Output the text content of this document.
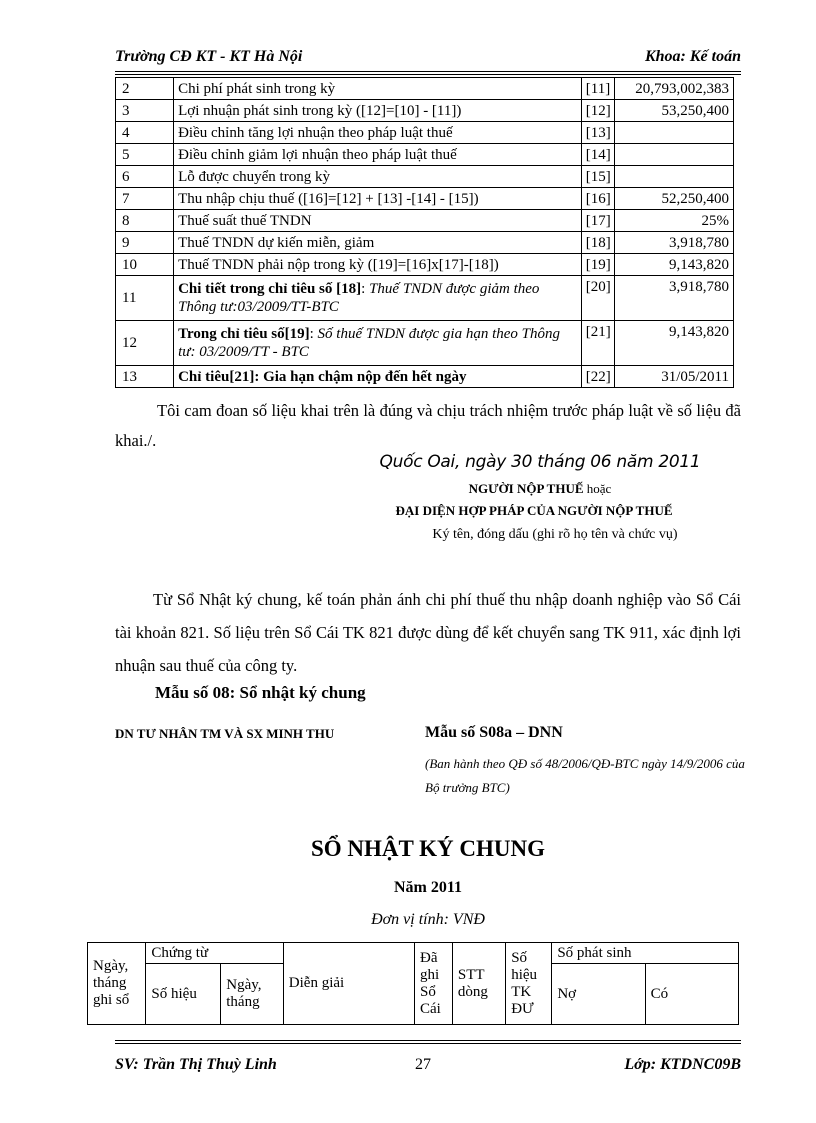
Trường CĐ KT - KT Hà Nội	Khoa: Kế toán
2	Chi phí phát sinh trong kỳ	[11]	20,793,002,383
3	Lợi nhuận phát sinh trong kỳ ([12]=[10] - [11])	[12]	53,250,400
4	Điều chỉnh tăng lợi nhuận theo pháp luật thuế	[13]	
5	Điều chỉnh giảm lợi nhuận theo pháp luật thuế	[14]	
6	Lỗ được chuyển trong kỳ	[15]	
7	Thu nhập chịu thuế ([16]=[12] + [13] -[14] - [15])	[16]	52,250,400
8	Thuế suất thuế TNDN	[17]	25%
9	Thuế TNDN dự kiến miễn, giảm	[18]	3,918,780
10	Thuế TNDN phải nộp trong kỳ ([19]=[16]x[17]-[18])	[19]	9,143,820
11	Chi tiết trong chỉ tiêu số [18]: Thuế TNDN được giảm theo Thông tư:03/2009/TT-BTC	[20]	3,918,780
12	Trong chỉ tiêu số[19]: Số thuế TNDN được gia hạn theo Thông tư: 03/2009/TT - BTC	[21]	9,143,820
13	Chỉ tiêu[21]: Gia hạn chậm nộp đến hết ngày	[22]	31/05/2011
Tôi cam đoan số liệu khai trên là đúng và chịu trách nhiệm trước pháp luật về số liệu đã khai./.
Quốc Oai, ngày 30 tháng 06 năm 2011
NGƯỜI NỘP THUẾ hoặc
ĐẠI DIỆN HỢP PHÁP CỦA NGƯỜI NỘP THUẾ
Ký tên, đóng dấu (ghi rõ họ tên và chức vụ)
Từ Sổ Nhật ký chung, kế toán phản ánh chi phí thuế thu nhập doanh nghiệp vào Sổ Cái tài khoản 821. Số liệu trên Sổ Cái TK 821 được dùng để kết chuyển sang TK 911, xác định lợi nhuận sau thuế của công ty.
Mẫu số 08: Sổ nhật ký chung
DN TƯ NHÂN TM VÀ SX MINH THU	Mẫu số S08a – DNN
(Ban hành theo QĐ số 48/2006/QĐ-BTC ngày 14/9/2006 của Bộ trưởng BTC)
SỔ NHẬT KÝ CHUNG
Năm 2011
Đơn vị tính: VNĐ
Ngày, tháng ghi sổ	Chứng từ		Diễn giải	Đã ghi Sổ Cái	STT dòng	Số hiệu TK ĐƯ	Số phát sinh	
	Số hiệu	Ngày, tháng					Nợ	Có
SV: Trần Thị Thuỳ Linh	27	Lớp: KTDNC09B
